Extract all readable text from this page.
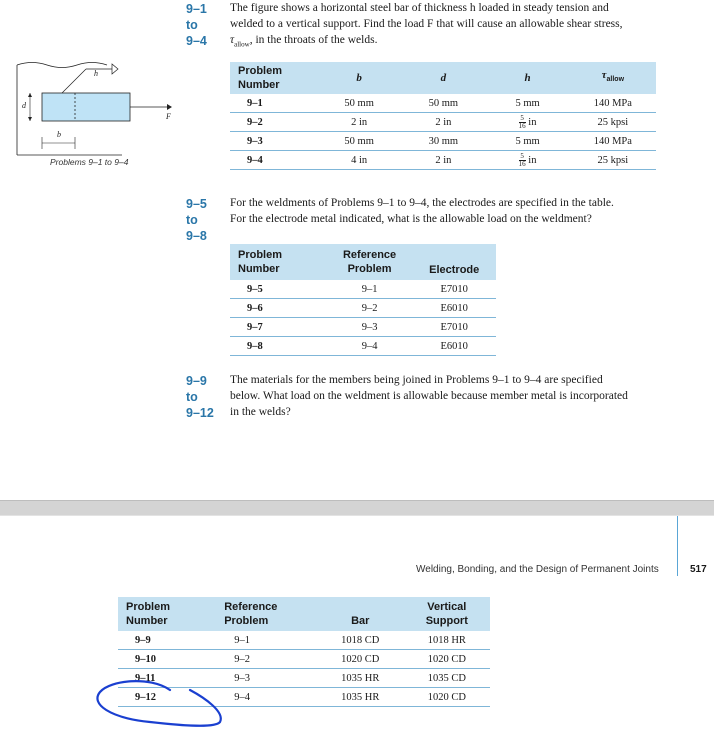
9–1
to
9–4
The figure shows a horizontal steel bar of thickness h loaded in steady tension and
welded to a vertical support. Find the load F that will cause an allowable shear stress,
$\tau_{allow}$, in the throats of the welds.
h
d
b
F
Problems 9–1 to 9–4
Problem
Number	b	d	h	$\tau_{allow}$
9–1	50 mm	50 mm	5 mm	140 MPa
9–2	2 in	2 in	$\frac{5}{16}$ in	25 kpsi
9–3	50 mm	30 mm	5 mm	140 MPa
9–4	4 in	2 in	$\frac{5}{16}$ in	25 kpsi
9–5
to
9–8
For the weldments of Problems 9–1 to 9–4, the electrodes are specified in the table.
For the electrode metal indicated, what is the allowable load on the weldment?
Problem
Number	Reference
Problem	Electrode
9–5	9–1	E7010
9–6	9–2	E6010
9–7	9–3	E7010
9–8	9–4	E6010
9–9
to
9–12
The materials for the members being joined in Problems 9–1 to 9–4 are specified
below. What load on the weldment is allowable because member metal is incorporated
in the welds?
Welding, Bonding, and the Design of Permanent Joints	517
Problem
Number	Reference
Problem	Bar	Vertical
Support
9–9	9–1	1018 CD	1018 HR
9–10	9–2	1020 CD	1020 CD
9–11	9–3	1035 HR	1035 CD
9–12	9–4	1035 HR	1020 CD
